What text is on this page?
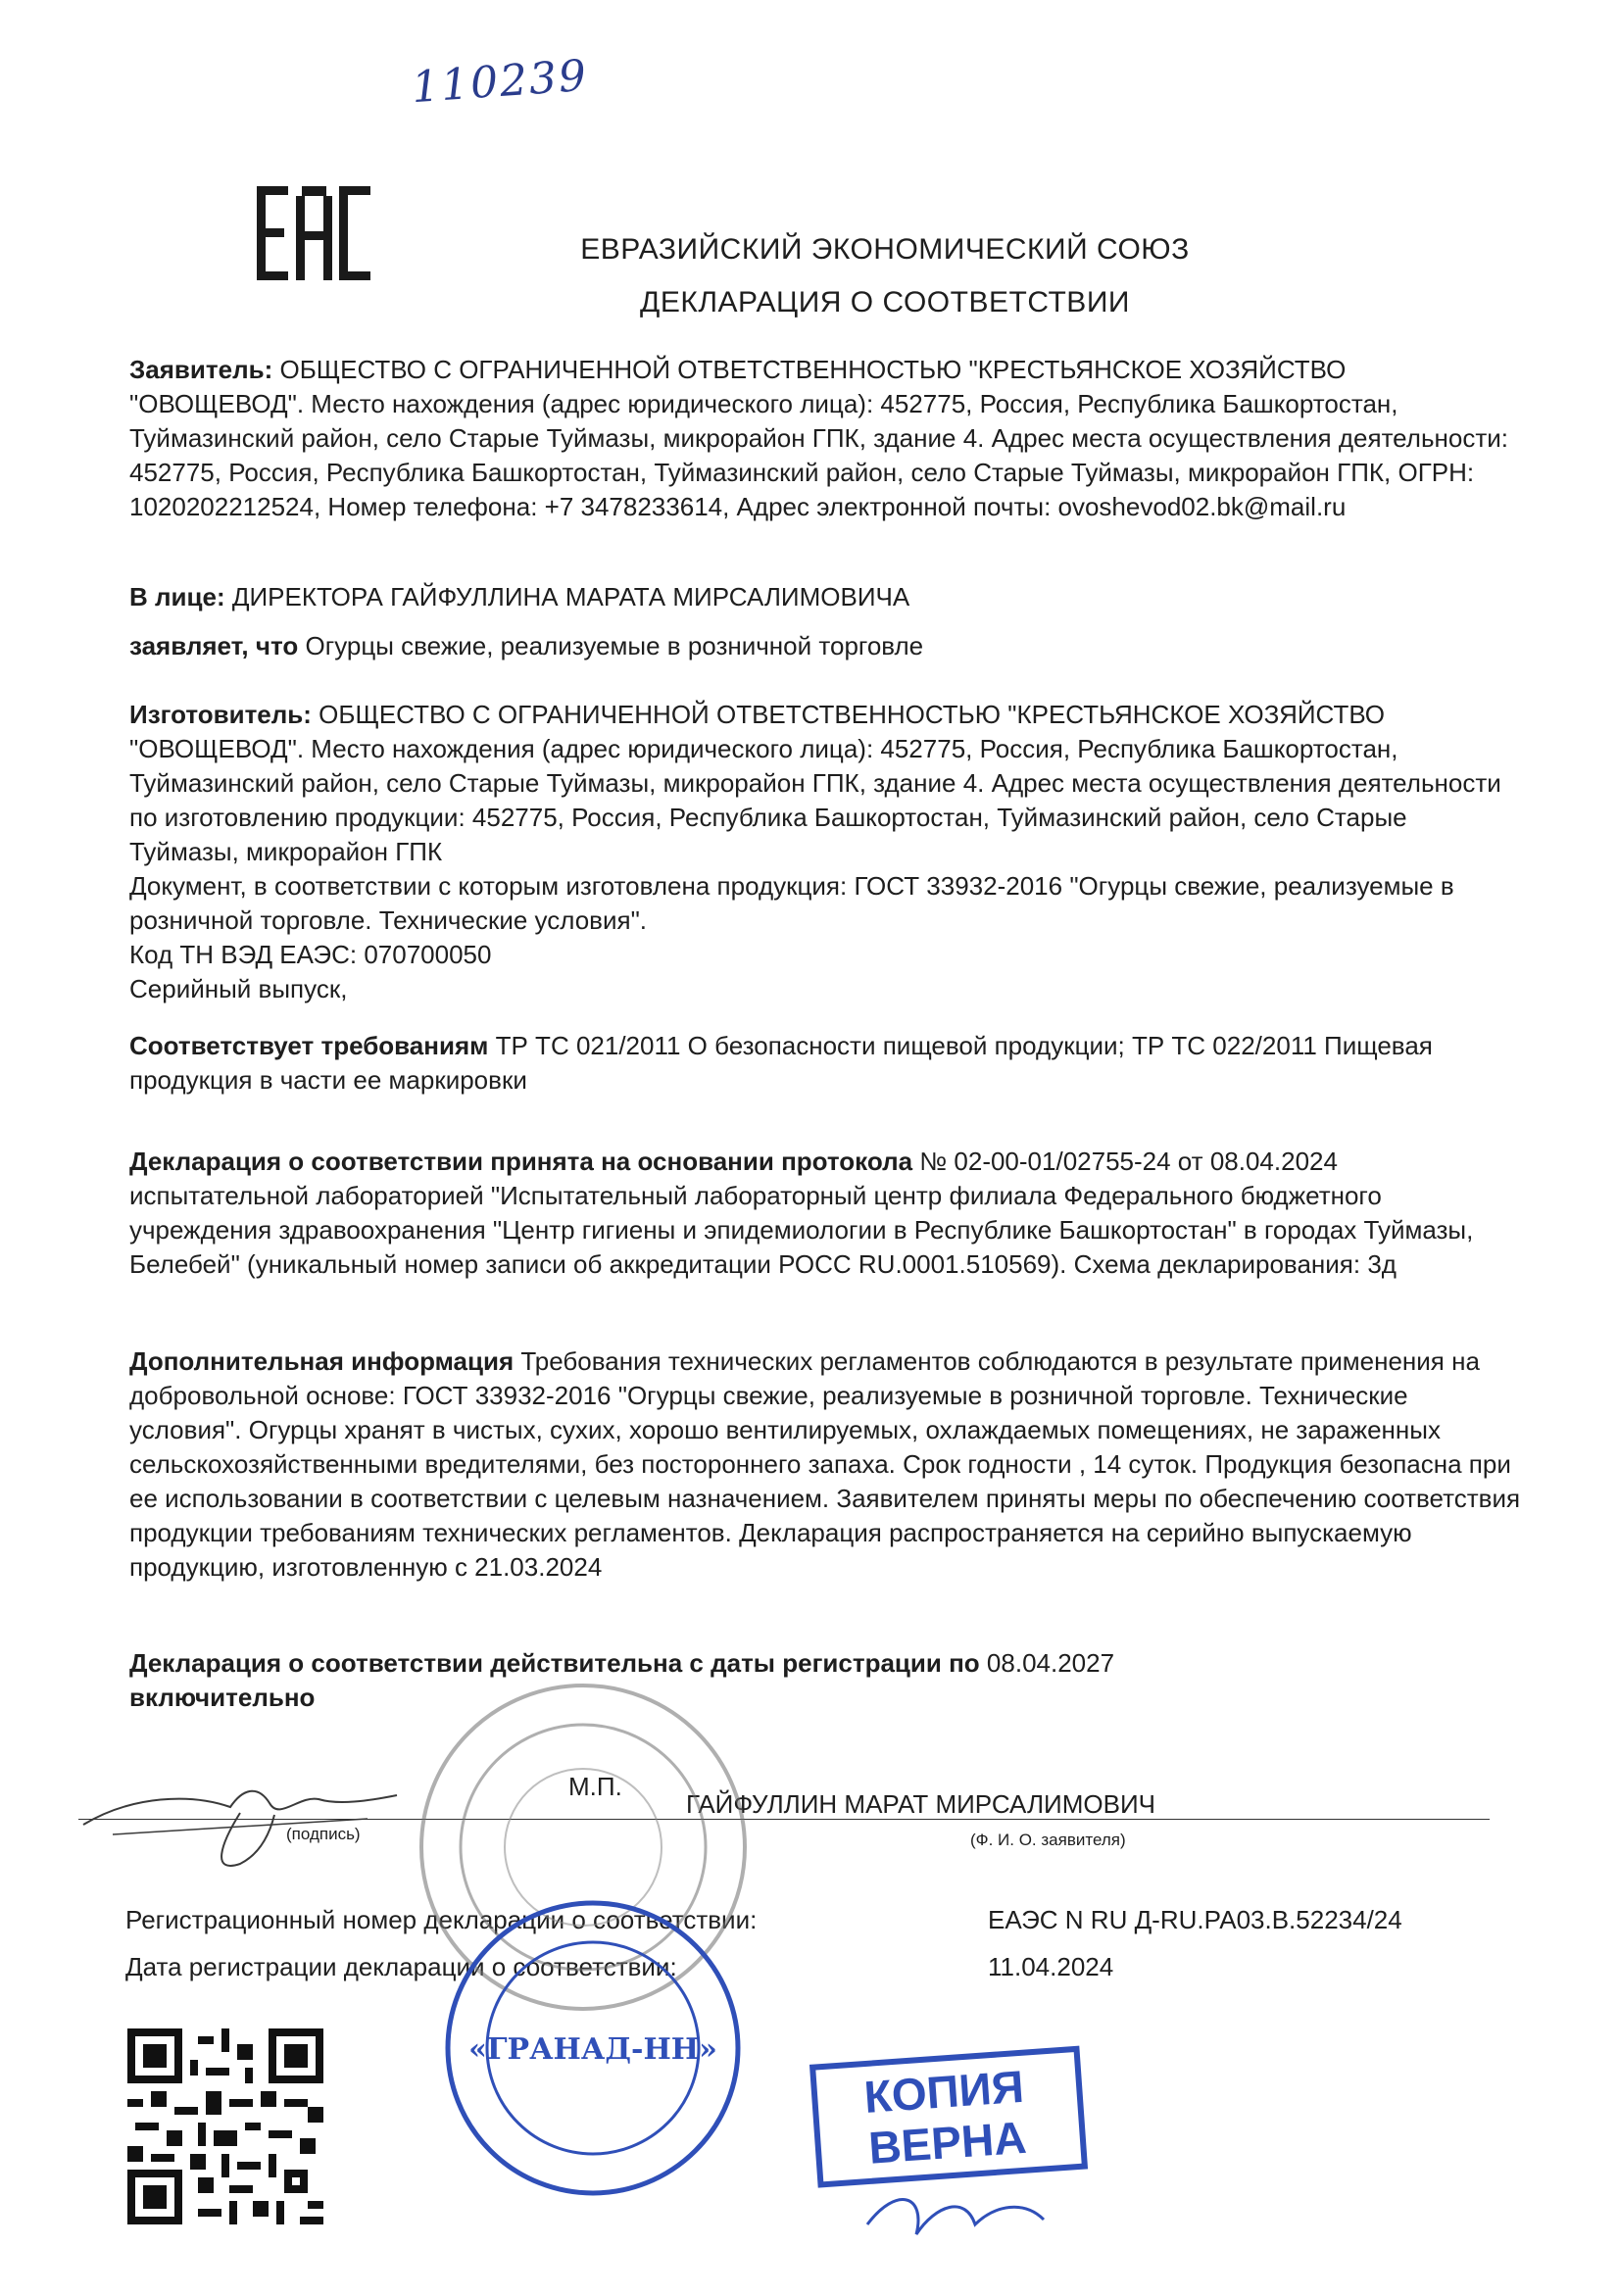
110239
ЕВРАЗИЙСКИЙ ЭКОНОМИЧЕСКИЙ СОЮЗ
ДЕКЛАРАЦИЯ О СООТВЕТСТВИИ
Заявитель: ОБЩЕСТВО С ОГРАНИЧЕННОЙ ОТВЕТСТВЕННОСТЬЮ "КРЕСТЬЯНСКОЕ ХОЗЯЙСТВО "ОВОЩЕВОД". Место нахождения (адрес юридического лица): 452775, Россия, Республика Башкортостан, Туймазинский район, село Старые Туймазы, микрорайон ГПК, здание 4. Адрес места осуществления деятельности: 452775, Россия, Республика Башкортостан, Туймазинский район, село Старые Туймазы, микрорайон ГПК, ОГРН: 1020202212524, Номер телефона: +7 3478233614, Адрес электронной почты: ovoshevod02.bk@mail.ru
В лице: ДИРЕКТОРА ГАЙФУЛЛИНА МАРАТА МИРСАЛИМОВИЧА
заявляет, что Огурцы свежие, реализуемые в розничной торговле
Изготовитель: ОБЩЕСТВО С ОГРАНИЧЕННОЙ ОТВЕТСТВЕННОСТЬЮ "КРЕСТЬЯНСКОЕ ХОЗЯЙСТВО "ОВОЩЕВОД". Место нахождения (адрес юридического лица): 452775, Россия, Республика Башкортостан, Туймазинский район, село Старые Туймазы, микрорайон ГПК, здание 4. Адрес места осуществления деятельности по изготовлению продукции: 452775, Россия, Республика Башкортостан, Туймазинский район, село Старые Туймазы, микрорайон ГПК
Документ, в соответствии с которым изготовлена продукция: ГОСТ 33932-2016 "Огурцы свежие, реализуемые в розничной торговле. Технические условия".
Код ТН ВЭД ЕАЭС: 070700050
Серийный выпуск,
Соответствует требованиям ТР ТС 021/2011 О безопасности пищевой продукции; ТР ТС 022/2011 Пищевая продукция в части ее маркировки
Декларация о соответствии принята на основании протокола № 02-00-01/02755-24 от 08.04.2024 испытательной лабораторией "Испытательный лабораторный центр филиала Федерального бюджетного учреждения здравоохранения "Центр гигиены и эпидемиологии в Республике Башкортостан" в городах Туймазы, Белебей" (уникальный номер записи об аккредитации РОСС RU.0001.510569). Схема декларирования: 3д
Дополнительная информация Требования технических регламентов соблюдаются в результате применения на добровольной основе: ГОСТ 33932-2016 "Огурцы свежие, реализуемые в розничной торговле. Технические условия". Огурцы хранят в чистых, сухих, хорошо вентилируемых, охлаждаемых помещениях, не зараженных сельскохозяйственными вредителями, без постороннего запаха. Срок годности , 14 суток. Продукция безопасна при ее использовании в соответствии с целевым назначением. Заявителем приняты меры по обеспечению соответствия продукции требованиям технических регламентов. Декларация распространяется на серийно выпускаемую продукцию, изготовленную с 21.03.2024
Декларация о соответствии действительна с даты регистрации по 08.04.2027
включительно
М.П.
ГАЙФУЛЛИН МАРАТ МИРСАЛИМОВИЧ
(подпись)	(Ф. И. О. заявителя)
Регистрационный номер декларации о соответствии:	ЕАЭС N RU Д-RU.РА03.В.52234/24
Дата регистрации декларации о соответствии:	11.04.2024
«ГРАНАД-НН»
КОПИЯ
ВЕРНА
